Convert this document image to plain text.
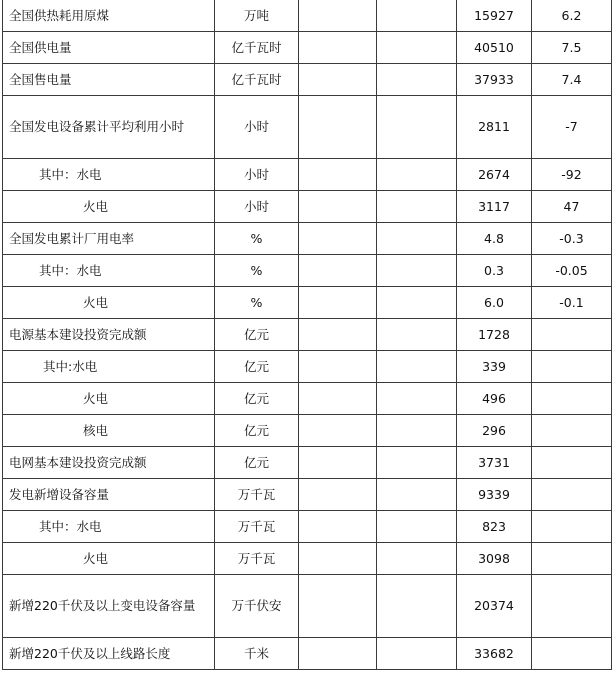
全国供热耗用原煤	万吨			15927	6.2
全国供电量	亿千瓦时			40510	7.5
全国售电量	亿千瓦时			37933	7.4
全国发电设备累计平均利用小时	小时			2811	-7
其中：水电	小时			2674	-92
火电	小时			3117	47
全国发电累计厂用电率	%			4.8	-0.3
其中：水电	%			0.3	-0.05
火电	%			6.0	-0.1
电源基本建设投资完成额	亿元			1728	
其中:水电	亿元			339	
火电	亿元			496	
核电	亿元			296	
电网基本建设投资完成额	亿元			3731	
发电新增设备容量	万千瓦			9339	
其中：水电	万千瓦			823	
火电	万千瓦			3098	
新增220千伏及以上变电设备容量	万千伏安			20374	
新增220千伏及以上线路长度	千米			33682	
